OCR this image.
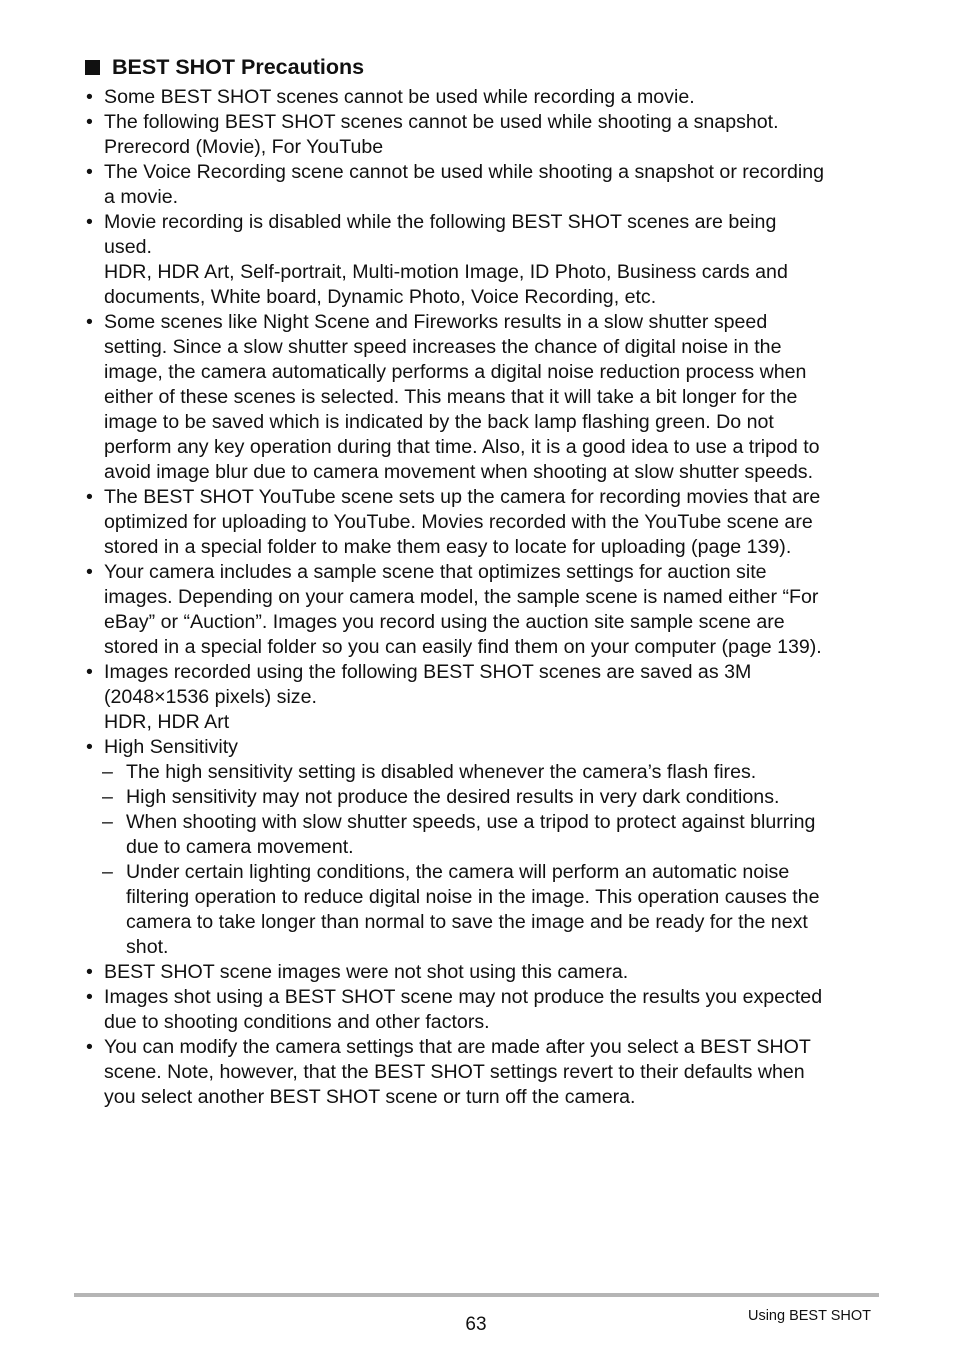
BEST SHOT Precautions
• Some BEST SHOT scenes cannot be used while recording a movie.
• The following BEST SHOT scenes cannot be used while shooting a snapshot.
Prerecord (Movie), For YouTube
• The Voice Recording scene cannot be used while shooting a snapshot or recording
a movie.
• Movie recording is disabled while the following BEST SHOT scenes are being
used.
HDR, HDR Art, Self-portrait, Multi-motion Image, ID Photo, Business cards and
documents, White board, Dynamic Photo, Voice Recording, etc.
• Some scenes like Night Scene and Fireworks results in a slow shutter speed
setting. Since a slow shutter speed increases the chance of digital noise in the
image, the camera automatically performs a digital noise reduction process when
either of these scenes is selected. This means that it will take a bit longer for the
image to be saved which is indicated by the back lamp flashing green. Do not
perform any key operation during that time. Also, it is a good idea to use a tripod to
avoid image blur due to camera movement when shooting at slow shutter speeds.
• The BEST SHOT YouTube scene sets up the camera for recording movies that are
optimized for uploading to YouTube. Movies recorded with the YouTube scene are
stored in a special folder to make them easy to locate for uploading (page 139).
• Your camera includes a sample scene that optimizes settings for auction site
images. Depending on your camera model, the sample scene is named either “For
eBay” or “Auction”. Images you record using the auction site sample scene are
stored in a special folder so you can easily find them on your computer (page 139).
• Images recorded using the following BEST SHOT scenes are saved as 3M
(2048×1536 pixels) size.
HDR, HDR Art
• High Sensitivity
– The high sensitivity setting is disabled whenever the camera’s flash fires.
– High sensitivity may not produce the desired results in very dark conditions.
– When shooting with slow shutter speeds, use a tripod to protect against blurring
due to camera movement.
– Under certain lighting conditions, the camera will perform an automatic noise
filtering operation to reduce digital noise in the image. This operation causes the
camera to take longer than normal to save the image and be ready for the next
shot.
• BEST SHOT scene images were not shot using this camera.
• Images shot using a BEST SHOT scene may not produce the results you expected
due to shooting conditions and other factors.
• You can modify the camera settings that are made after you select a BEST SHOT
scene. Note, however, that the BEST SHOT settings revert to their defaults when
you select another BEST SHOT scene or turn off the camera.
63	Using BEST SHOT
